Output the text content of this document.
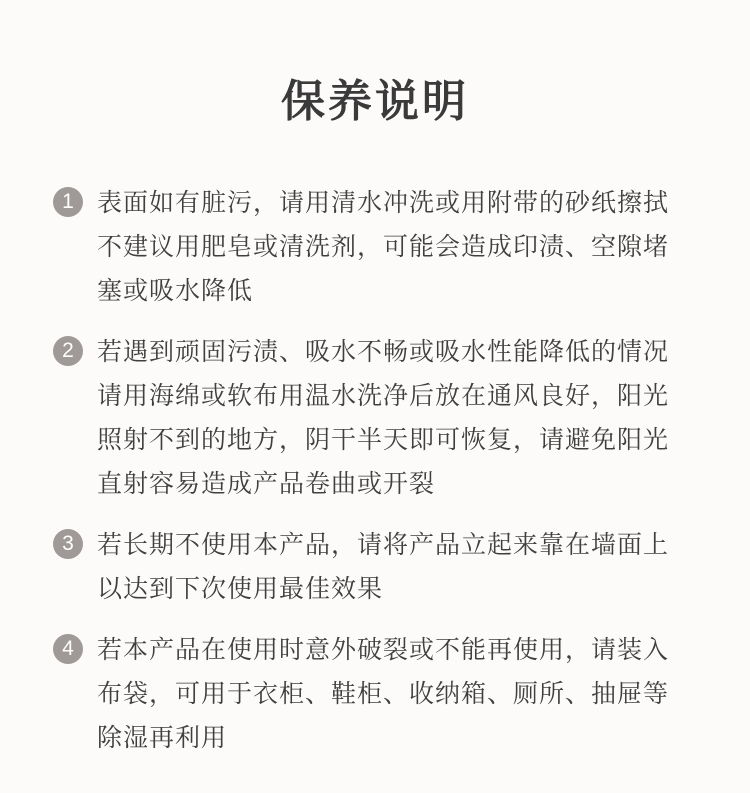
保养说明
1 表面如有脏污，请用清水冲洗或用附带的砂纸擦拭
不建议用肥皂或清洗剂，可能会造成印渍、空隙堵
塞或吸水降低
2 若遇到顽固污渍、吸水不畅或吸水性能降低的情况
请用海绵或软布用温水洗净后放在通风良好，阳光
照射不到的地方，阴干半天即可恢复，请避免阳光
直射容易造成产品卷曲或开裂
3 若长期不使用本产品，请将产品立起来靠在墙面上
以达到下次使用最佳效果
4 若本产品在使用时意外破裂或不能再使用，请装入
布袋，可用于衣柜、鞋柜、收纳箱、厕所、抽屉等
除湿再利用
